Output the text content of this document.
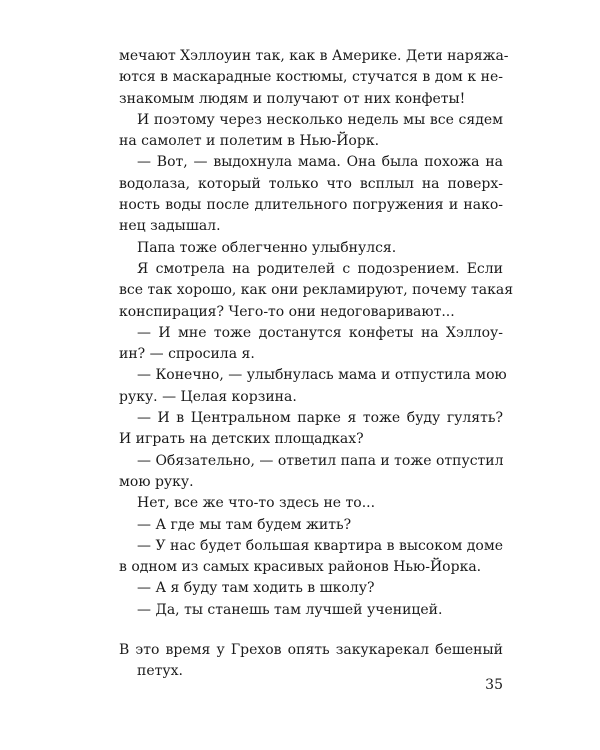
мечают Хэллоуин так, как в Америке. Дети наряжа-
ются в маскарадные костюмы, стучатся в дом к не-
знакомым людям и получают от них конфеты!
И поэтому через несколько недель мы все сядем
на самолет и полетим в Нью-Йорк.
— Вот, — выдохнула мама. Она была похожа на
водолаза, который только что всплыл на поверх-
ность воды после длительного погружения и нако-
нец задышал.
Папа тоже облегченно улыбнулся.
Я смотрела на родителей с подозрением. Если
все так хорошо, как они рекламируют, почему такая
конспирация? Чего-то они недоговаривают...
— И мне тоже достанутся конфеты на Хэллоу-
ин? — спросила я.
— Конечно, — улыбнулась мама и отпустила мою
руку. — Целая корзина.
— И в Центральном парке я тоже буду гулять?
И играть на детских площадках?
— Обязательно, — ответил папа и тоже отпустил
мою руку.
Нет, все же что-то здесь не то...
— А где мы там будем жить?
— У нас будет большая квартира в высоком доме
в одном из самых красивых районов Нью-Йорка.
— А я буду там ходить в школу?
— Да, ты станешь там лучшей ученицей.
В это время у Грехов опять закукарекал бешеный
петух.
35
